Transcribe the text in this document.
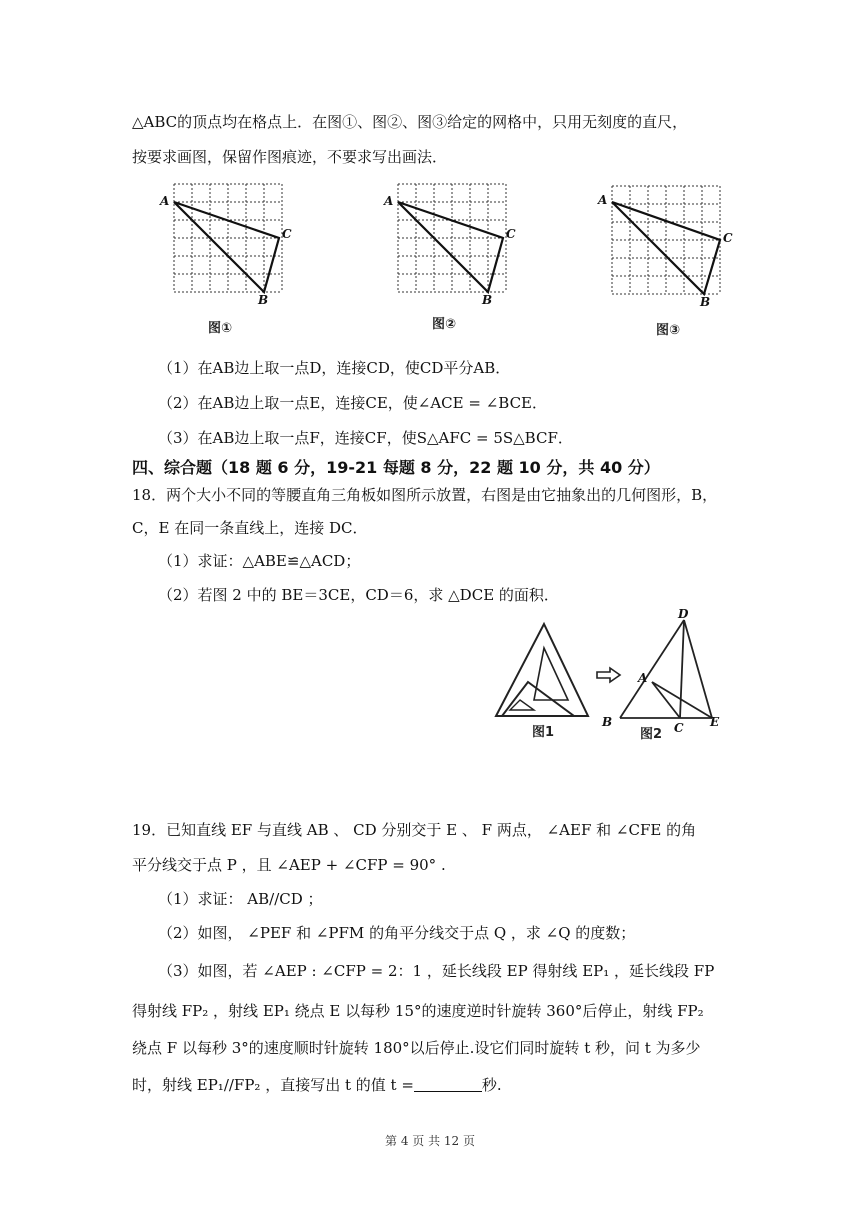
△ABC的顶点均在格点上．在图①、图②、图③给定的网格中，只用无刻度的直尺，
按要求画图，保留作图痕迹，不要求写出画法．
A
C
B
图①
A
C
B
图②
A
C
B
图③
（1）在AB边上取一点D，连接CD，使CD平分AB．
（2）在AB边上取一点E，连接CE，使∠ACE = ∠BCE．
（3）在AB边上取一点F，连接CF，使S△AFC = 5S△BCF．
四、综合题（18 题 6 分，19-21 每题 8 分，22 题 10 分，共 40 分）
18．两个大小不同的等腰直角三角板如图所示放置，右图是由它抽象出的几何图形，B，
C，E 在同一条直线上，连接 DC．
（1）求证：△ABE≌△ACD；
（2）若图 2 中的 BE＝3CE，CD＝6，求 △DCE 的面积．
图1
D
A
B	C E
图2
19．已知直线 EF 与直线 AB 、 CD 分别交于 E 、 F 两点， ∠AEF 和 ∠CFE 的角
平分线交于点 P ，且 ∠AEP + ∠CFP = 90° .
（1）求证： AB//CD ；
（2）如图， ∠PEF 和 ∠PFM 的角平分线交于点 Q ，求 ∠Q 的度数；
（3）如图，若 ∠AEP : ∠CFP = 2：1 ，延长线段 EP 得射线 EP₁ ，延长线段 FP
得射线 FP₂ ，射线 EP₁ 绕点 E 以每秒 15°的速度逆时针旋转 360°后停止，射线 FP₂
绕点 F 以每秒 3°的速度顺时针旋转 180°以后停止.设它们同时旋转 t 秒，问 t 为多少
时，射线 EP₁//FP₂ ，直接写出 t 的值 t =	秒.
第 4 页 共 12 页
